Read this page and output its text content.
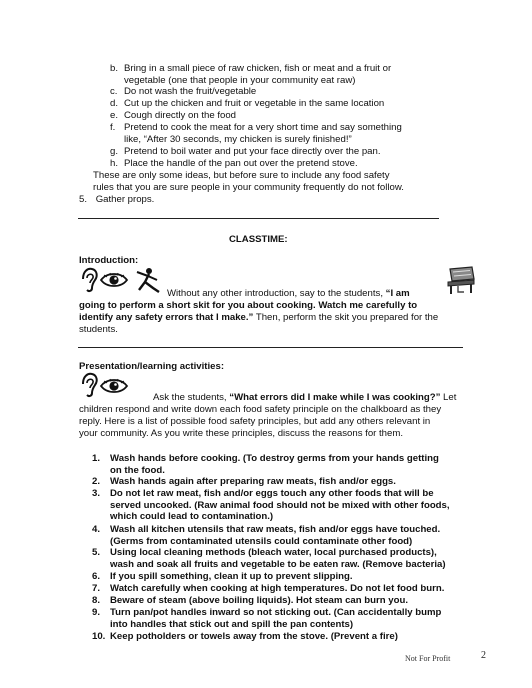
b. Bring in a small piece of raw chicken, fish or meat and a fruit or
vegetable (one that people in your community eat raw)
c. Do not wash the fruit/vegetable
d. Cut up the chicken and fruit or vegetable in the same location
e. Cough directly on the food
f. Pretend to cook the meat for a very short time and say something
like, “After 30 seconds, my chicken is surely finished!”
g. Pretend to boil water and put your face directly over the pan.
h. Place the handle of the pan out over the pretend stove.
These are only some ideas, but before sure to include any food safety
rules that you are sure people in your community frequently do not follow.
5. Gather props.
CLASSTIME:
Introduction:
Without any other introduction, say to the students, “I am
going to perform a short skit for you about cooking. Watch me carefully to
identify any safety errors that I make.” Then, perform the skit you prepared for the
students.
Presentation/learning activities:
Ask the students, “What errors did I make while I was cooking?” Let
children respond and write down each food safety principle on the chalkboard as they
reply. Here is a list of possible food safety principles, but add any others relevant in
your community. As you write these principles, discuss the reasons for them.
1. Wash hands before cooking. (To destroy germs from your hands getting
on the food.
2. Wash hands again after preparing raw meats, fish and/or eggs.
3. Do not let raw meat, fish and/or eggs touch any other foods that will be
served uncooked. (Raw animal food should not be mixed with other foods,
which could lead to contamination.)
4. Wash all kitchen utensils that raw meats, fish and/or eggs have touched.
(Germs from contaminated utensils could contaminate other food)
5. Using local cleaning methods (bleach water, local purchased products),
wash and soak all fruits and vegetable to be eaten raw. (Remove bacteria)
6. If you spill something, clean it up to prevent slipping.
7. Watch carefully when cooking at high temperatures. Do not let food burn.
8. Beware of steam (above boiling liquids). Hot steam can burn you.
9. Turn pan/pot handles inward so not sticking out. (Can accidentally bump
into handles that stick out and spill the pan contents)
10. Keep potholders or towels away from the stove. (Prevent a fire)
Not For Profit	2
